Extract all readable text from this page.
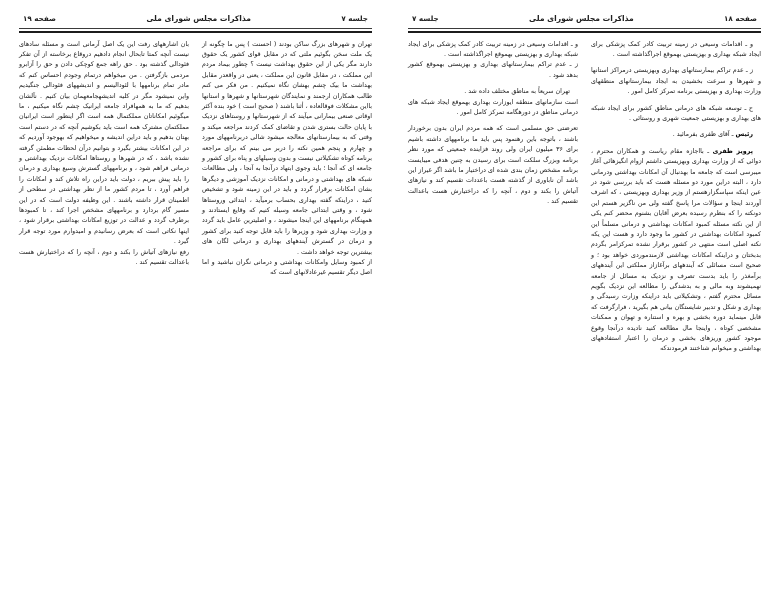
صفحه ۱۸
مذاکرات مجلس شورای ملی
جلسه ۷

و ـ اقدامات وسیعی در زمینه تربیت کادر کمک پزشکی برای ایجاد شبکه بهداری و بهزیستی بهموقع اجراگذاشته است .

ز ـ عدم تراکم بیمارستانهای بهداری وبهزیستی درمراکز استانها و شهرها و سرعت بخشیدن به ایجاد بیمارستانهای منطقهای وزارت بهداری و بهزیستی برنامه تمرکز کامل امور .

ح ـ توسعه شبکه های درمانی مناطق کشور برای ایجاد شبکه های بهداری و بهزیستی جمعیت شهری و روستائی .

رئیس ـ آقای ظفری بفرمائید .

پرویز ظفری ـ بااجازه مقام ریاست و همکاران محترم ، دوائی که از وزارت بهداری وبهزیستی داشتم ازوام انگیزهائی آغاز میبرسی است که جامعه ما بهدنبال آن امکانات بهداشتی ودرمانی دارد ، البته دراین مورد دو مسئله هست که باید بررسی شود در عین اینکه سپاسگزارهستم از وزیر بهداری وبهزیستی ، که اشرف آوردند اینجا و سؤالات مرا پاسخ گفته ولی من ناگزیر هستم این دونکته را که بنظرم رسیده بعرض آقایان بشنوم محضر کنم یکی از این نکته مسئله کمبود امکانات بهداشتی و درمانی مسلماً این کمبود امکانات بهداشتی در کشور ما وجود دارد و هست این یکه نکته اصلی است منتهی در کشور برقرار نشده تمرکزامر بگردم بدبختان و دراینکه امکانات بهداشتی لازمندموردی خواهد بود ؛ و صحیح است مسائلی که آیندههای برآغازاز مملکتی این آیندههای برآمغذر را باید بدست تصرف و نزدیک به مسائل از جامعه نهمیشوند وبه مالی و به بدشدگی را مطالعه این نزدیک بگویم مسائل محترم گفتم ، وتشکیلاتی باید دراینکه وزارت رسیدگی و بهداری و شکل و تدبیر شایستگان بیانی هم بگیرید ، فرارگرفت که قابل مینماید دوره بخشی و بهره و استناره و تهوان و ممکنات مشخصی کوتاه ، واینجا مال مطالعه کنید نادیده درآنجا وقوع موجود کشور وریزهای بخشی و درمان را اعتبار استفادههای بهداشتی و میخوانم شناختند فرمودندکه

و ـ اقدامات وسیعی در زمینه تربیت کادر کمک پزشکی برای ایجاد شبکه بهداری و بهزیستی بهموقع اجراگذاشته است .

ز ـ عدم تراکم بیمارستانهای بهداری و بهزیستی بهموقع کشور بدهد شود .

تهران سریعاً به مناطق مختلف داده شد .

است سازمانهای منطقه ایوزارت بهداری بهموقع ایجاد شبکه های درمانی مناطق در دورهگامه تمرکز کامل امور .

تعرضتی حق مسلمی است که همه مردم ایران بدون برخوردار باشند ، باتوجه باین رهنمود پس باید ما برنامههای داشته باشیم برای ۳۶ میلیون ایران ولی روند فزاینده جمعیتی که مورد نظر برنامه وبزرگ سلکت است برای رسیدن به چنین هدفی میبایست برنامه مشخص زمان بندی شده ای دراختیار ما باشد اگر غیراز این باشد آن ناباوری از گذشته هست باعددات تقسیم کند و نیازهای آتیاش را بکند و دوم ، آنچه را که دراختیارش هست باعدالت تقسیم کند .

جلسه ۷
مذاکرات مجلس شورای ملی
صفحه ۱۹

تهران و شهرهای بزرگ ساکن بودند ( احسنت ) پس ما چگونه از یک ملت سخن بگوئیم ملتی که در مقابل قوای کشور یک حقوق دارند مگر یکی از این حقوق بهداشت نیست ؟ چطور بیماد مردم این مملکت ، در مقابل قانون این مملکت ، یعنی در واقعدر مقابل بهداشت ما بیک چشم بهشان نگاه نمیکنیم . من فکر می کنم طالب همکاران ارجمند و نمایندگان شهرستانها و شهرها و استانها بااین مشکلات فوقالعاده ، أثنا باشند ( صحیح است ) خود بنده آکثر اوقاتی صنعی بیمارانی میآیند که از شهرستانها و روستاهای نزدیک با پایان حالت بستری شدن و تقاضای کمک کردند مراجعه میکند و وقتی که به بیمارستانهای معالجه میشود شالی دربرنامههای مورد و چهارم و پنجم همین نکته را دربر می بینم که برای مراجعه برنامه کوتاه تشکیلاتی نیست و بدون وسیلهای و پناه برای کشور و جامعه ای که آنجا ؛ باید وجوی ابتهاد درآنجا به آنجا ، ولی مطالعات شبکه های بهداشتی و درمانی و امکانات نزدیک آموزشی و دیگرها بشان امکانات برقرار گردد و باید در این زمینه شود و تشخیص کنید ، دراینکه گفته بهداری بحساب برمیآید ، ابتدائی وروستاها شود ، و وقتی ابتدائی جامعه وسیله کنیم که وقایع ایستادند و همهنگام برنامههای این اینجا میشوند ، و اصلیترین عامل باید گردد و وزارت بهداری شود و وزیرها را باید قابل توجه کنید برای کشور و درمان در گسترش آیندههای بهداری و درمانی لگان های بیشترین توجه خواهد داشت .

از کمبود وسایل وامکانات بهداشتی و درمانی نگران نباشید و اما اصل دیگر تقسیم غیرعادلانهای است که

بان اشارههای رفت این یک اصل آرمانی است و مسئله سادهای نیست آنچه کمتا تابحال انجام دادهیم دروقاع برخاسته از آن تفکر فئودالی گذشته بود . حق راهه جمع کوچکی دادن و حق را آزابرو مردمی بازگرفتن . من میخواهم درتمام وجودم احساس کنم که مادر تمام برنامهها با لئودالیسم و اندیشههای فئودالی جنگیدیم واین نمیشود مگر در کلیه اندیشهجامعهمان بیان کنیم . نآلشان بدهیم که ما به همهافراد جامعه ایرانیک چشم نگاه میکنیم ، ما میگوئیم امکاناتان مملکتمال همه است اگر اینطور است ایرانیان مملکتمان مشترک همه است باید بکوشیم آنچه که در دستم است بهتان بدهیم و باید دراین اندیشه و میخواهیم که بهوجود آوردیم که در این امکانات بیشتر بگیرد و بتوانیم درآن لحظات مطمئن گرفته نشده باشد ، که در شهرها و روستاها امکانات نزدیک بهداشتی و درمانی فراهم شود ، و برنامههای گسترش وسیع بهداری و درمان را باید پیش ببریم ، دولت باید دراین راه تلاش کند و امکانات را فراهم آورد ، تا مردم کشور ما از نظر بهداشتی در سطحی از اطمینان قرار داشته باشند . این وظیفه دولت است که در این مسیر گام بردارد و برنامههای مشخص اجرا کند ، تا کمبودها برطرف گردد و عدالت در توزیع امکانات بهداشتی برقرار شود ، اینها نکاتی است که بعرض رسانیدم و امیدوارم مورد توجه قرار گیرد .

رفع نیازهای آتیاش را بکند و دوم ، آنچه را که دراختیارش هست باعدالت تقسیم کند .
